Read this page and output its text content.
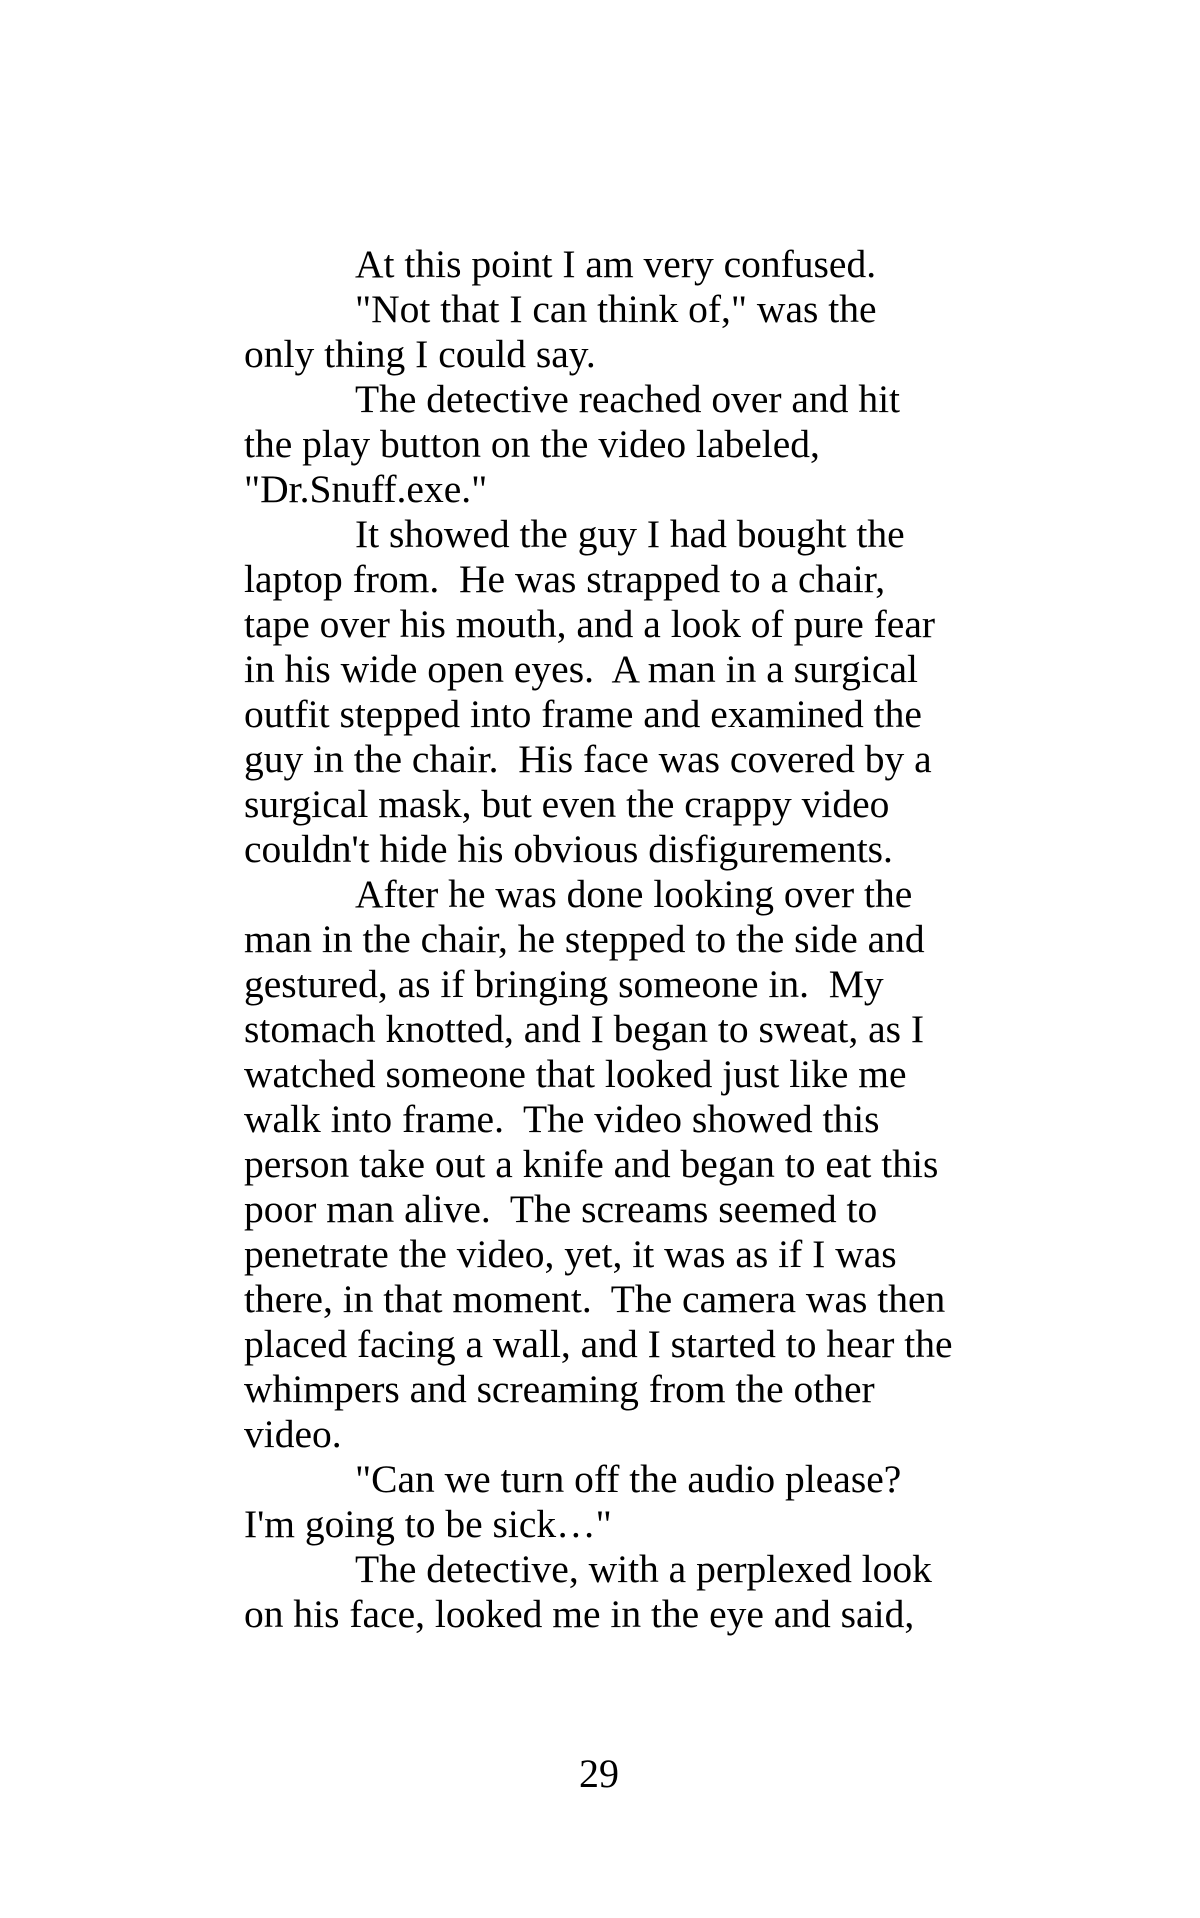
At this point I am very confused.
"Not that I can think of," was the
only thing I could say.
The detective reached over and hit
the play button on the video labeled,
"Dr.Snuff.exe."
It showed the guy I had bought the
laptop from.  He was strapped to a chair,
tape over his mouth, and a look of pure fear
in his wide open eyes.  A man in a surgical
outfit stepped into frame and examined the
guy in the chair.  His face was covered by a
surgical mask, but even the crappy video
couldn't hide his obvious disfigurements.
After he was done looking over the
man in the chair, he stepped to the side and
gestured, as if bringing someone in.  My
stomach knotted, and I began to sweat, as I
watched someone that looked just like me
walk into frame.  The video showed this
person take out a knife and began to eat this
poor man alive.  The screams seemed to
penetrate the video, yet, it was as if I was
there, in that moment.  The camera was then
placed facing a wall, and I started to hear the
whimpers and screaming from the other
video.
"Can we turn off the audio please?
I'm going to be sick…"
The detective, with a perplexed look
on his face, looked me in the eye and said,
29
